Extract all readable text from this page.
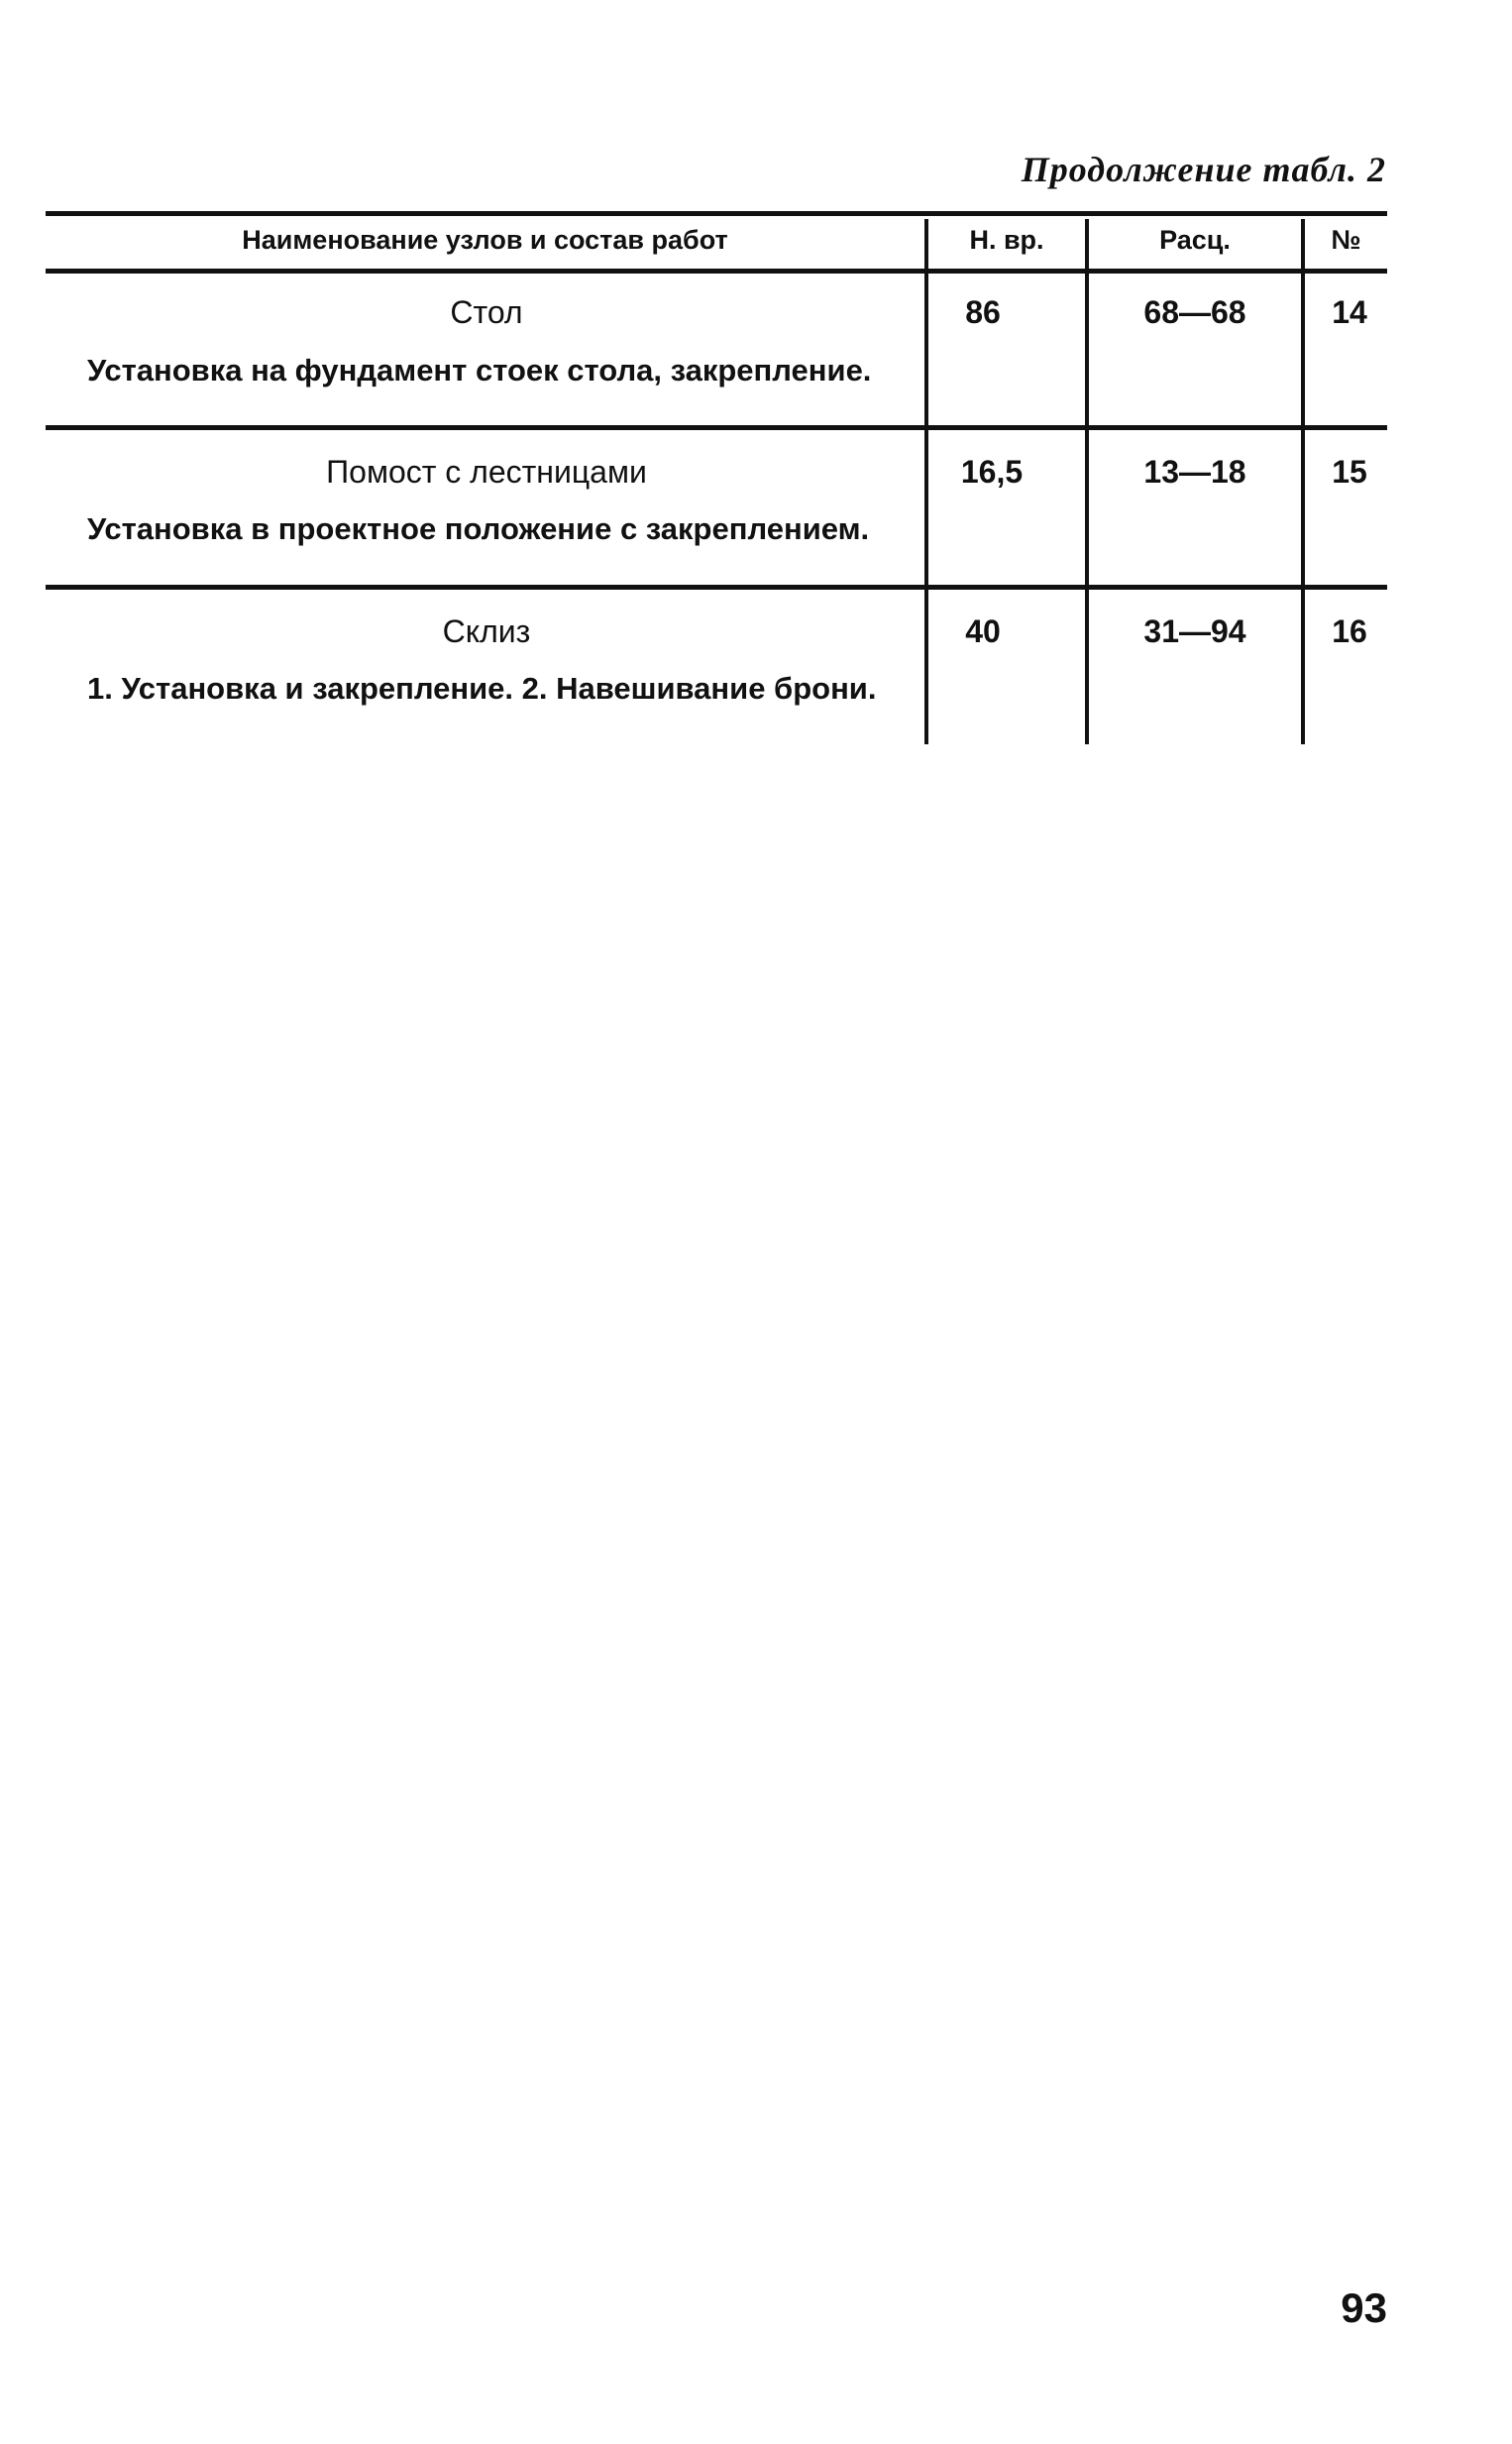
Продолжение табл. 2
Наименование узлов и состав работ	Н. вр.	Расц.	№
Стол
Установка на фундамент стоек стола, закрепление.
86	68—68	14
Помост с лестницами
Установка в проектное положение с закреплением.
16,5	13—18	15
Склиз
1. Установка и закрепление. 2. Навешивание брони.
40	31—94	16
93
